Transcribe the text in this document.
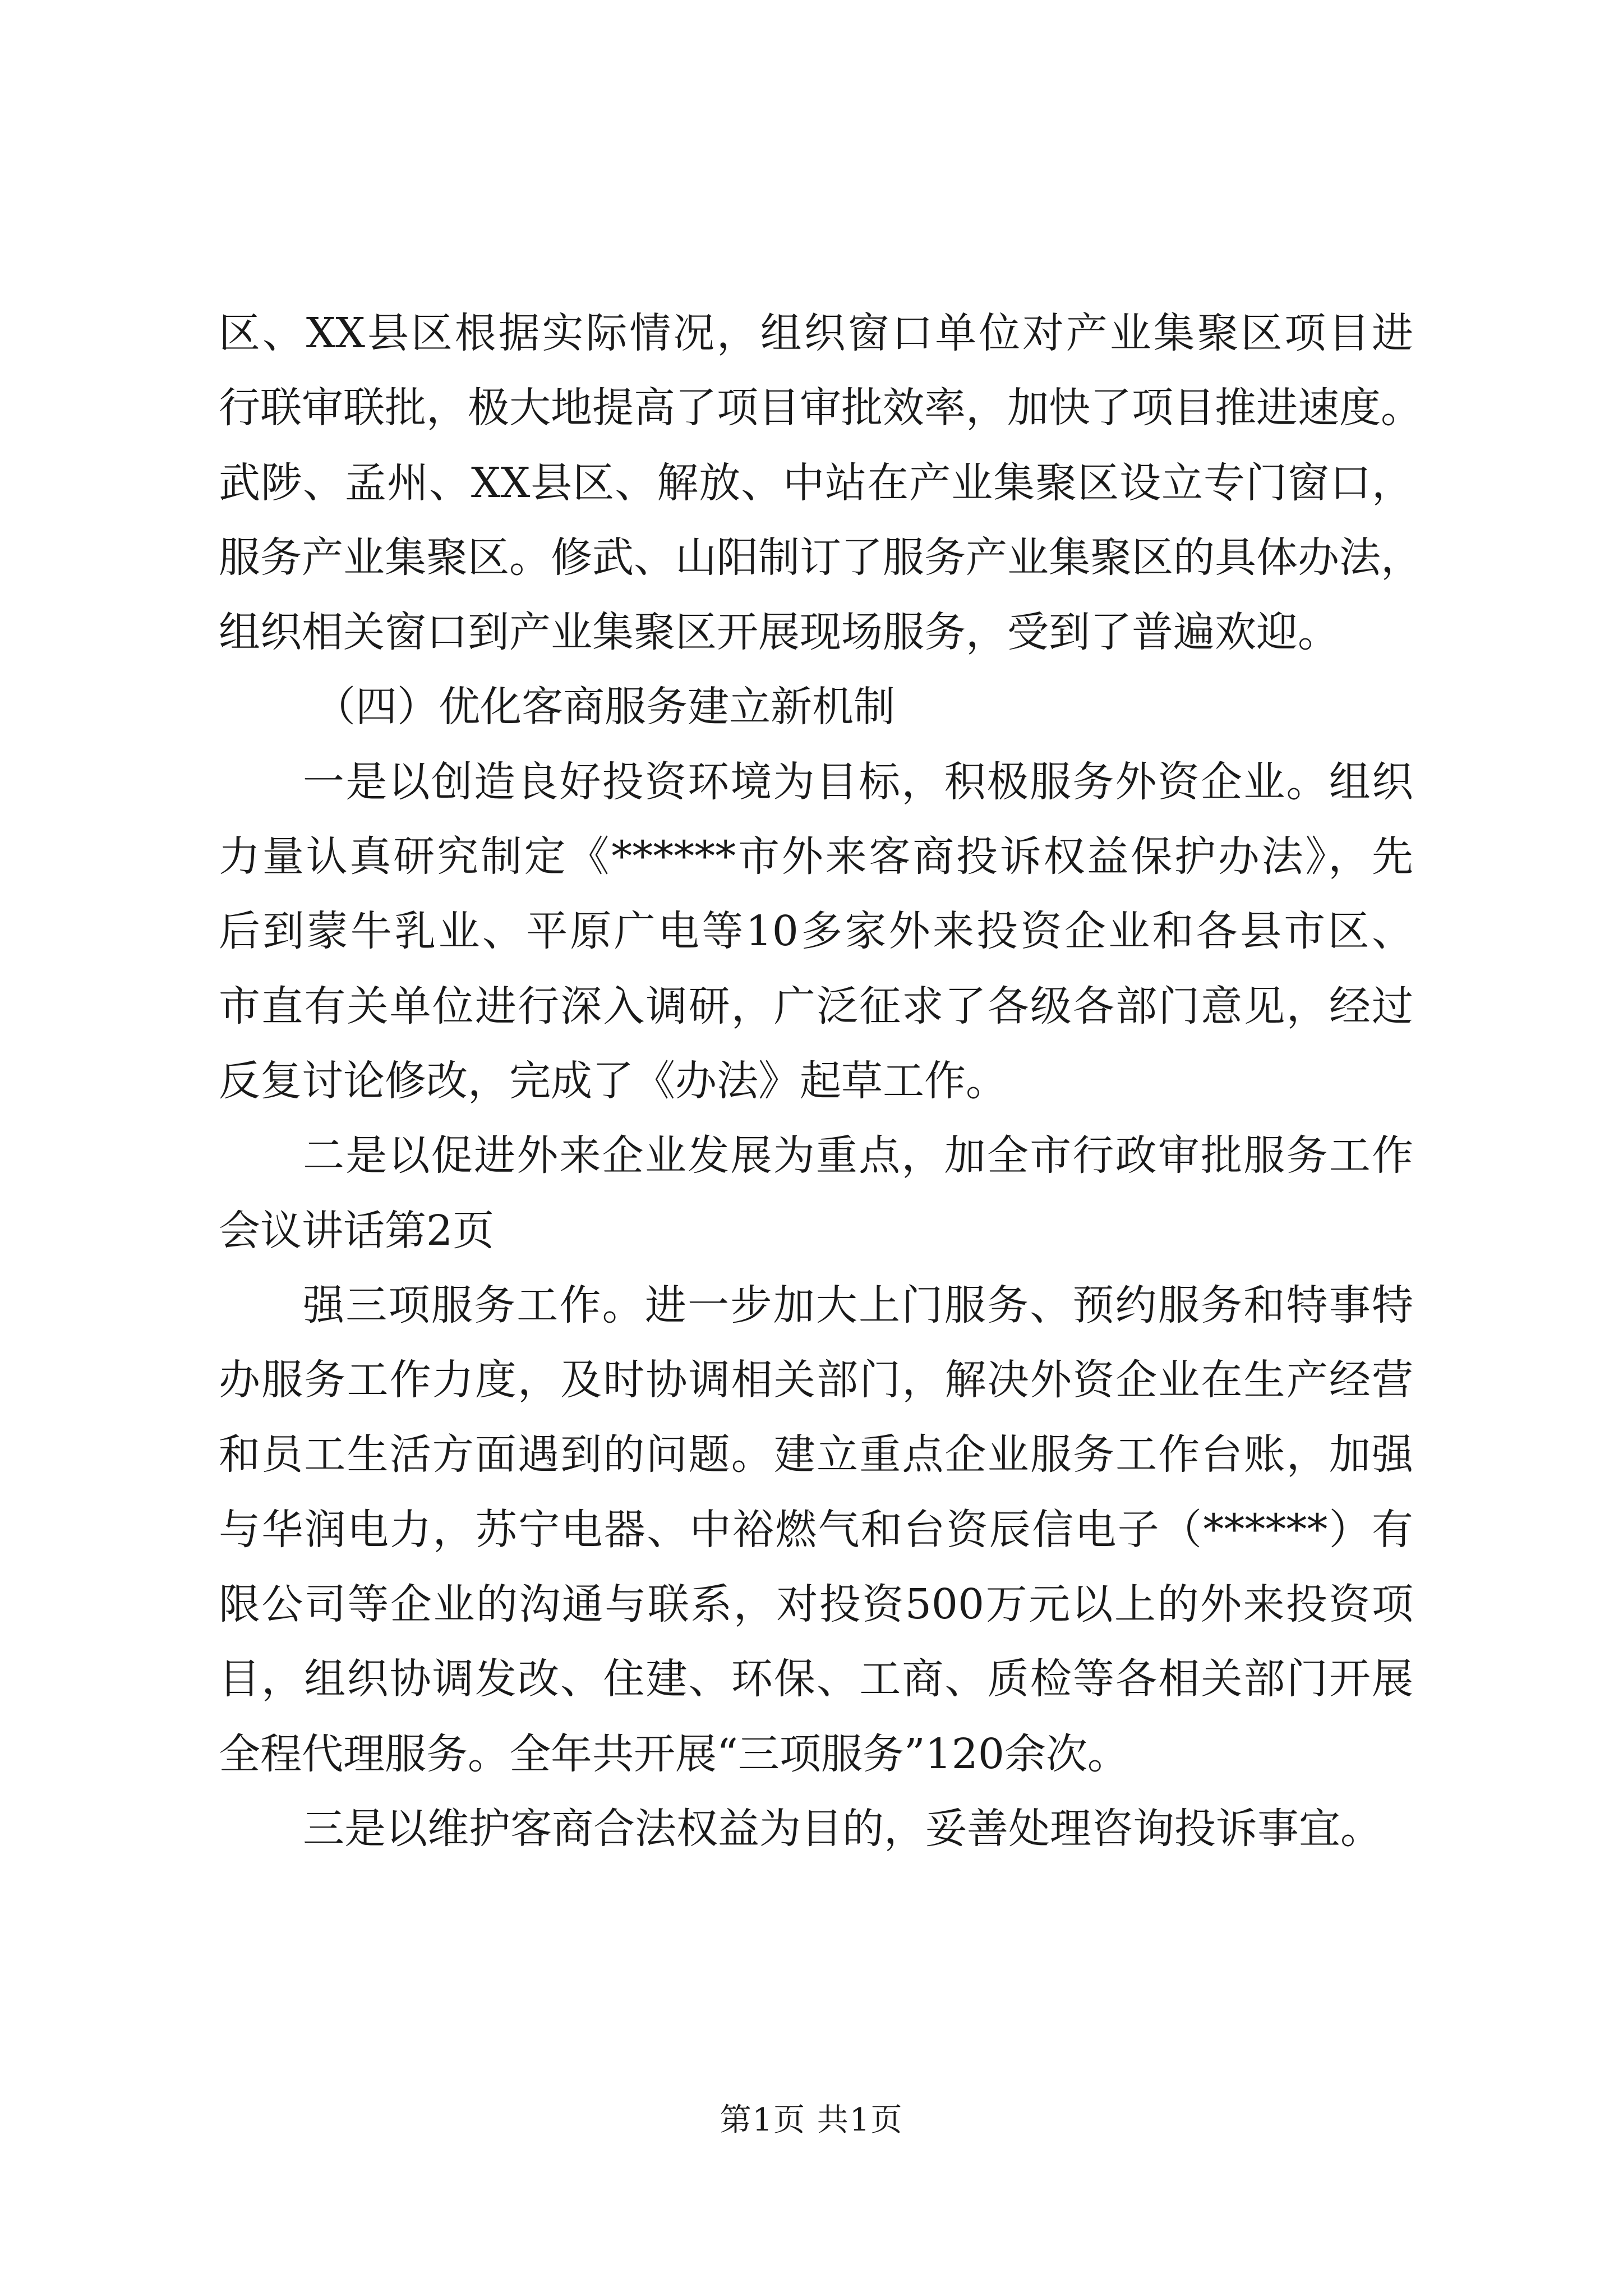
区、XX县区根据实际情况，组织窗口单位对产业集聚区项目进
行联审联批，极大地提高了项目审批效率，加快了项目推进速度。
武陟、孟州、XX县区、解放、中站在产业集聚区设立专门窗口，
服务产业集聚区。修武、山阳制订了服务产业集聚区的具体办法，
组织相关窗口到产业集聚区开展现场服务，受到了普遍欢迎。
（四）优化客商服务建立新机制
一是以创造良好投资环境为目标，积极服务外资企业。组织
力量认真研究制定《******市外来客商投诉权益保护办法》，先
后到蒙牛乳业、平原广电等10多家外来投资企业和各县市区、
市直有关单位进行深入调研，广泛征求了各级各部门意见，经过
反复讨论修改，完成了《办法》起草工作。
二是以促进外来企业发展为重点，加全市行政审批服务工作
会议讲话第2页
强三项服务工作。进一步加大上门服务、预约服务和特事特
办服务工作力度，及时协调相关部门，解决外资企业在生产经营
和员工生活方面遇到的问题。建立重点企业服务工作台账，加强
与华润电力，苏宁电器、中裕燃气和台资辰信电子（******）有
限公司等企业的沟通与联系，对投资500万元以上的外来投资项
目，组织协调发改、住建、环保、工商、质检等各相关部门开展
全程代理服务。全年共开展“三项服务”120余次。
三是以维护客商合法权益为目的，妥善处理咨询投诉事宜。
第1页 共1页
